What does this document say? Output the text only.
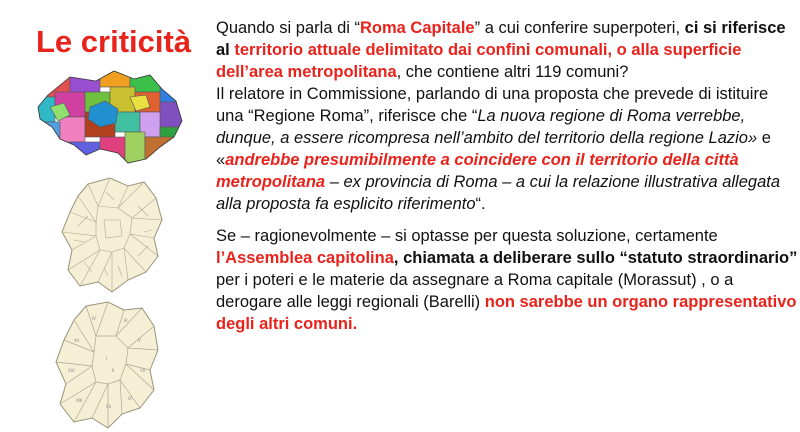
Le criticità
IV	III
V
VII
IX
XII
XIII
XIV
XV
I
II

Quando si parla di “Roma Capitale” a cui conferire superpoteri, ci si riferisce al territorio attuale delimitato dai confini comunali, o alla superficie dell’area metropolitana, che contiene altri 119 comuni?

Il relatore in Commissione, parlando di una proposta che prevede di istituire una “Regione Roma”, riferisce che “La nuova regione di Roma verrebbe, dunque, a essere ricompresa nell’ambito del territorio della regione Lazio» e «andrebbe presumibilmente a coincidere con il territorio della città metropolitana – ex provincia di Roma – a cui la relazione illustrativa allegata alla proposta fa esplicito riferimento“.

Se – ragionevolmente – si optasse per questa soluzione, certamente l’Assemblea capitolina, chiamata a deliberare sullo “statuto straordinario” per i poteri e le materie da assegnare a Roma capitale (Morassut) , o a derogare alle leggi regionali (Barelli) non sarebbe un organo rappresentativo degli altri comuni.
